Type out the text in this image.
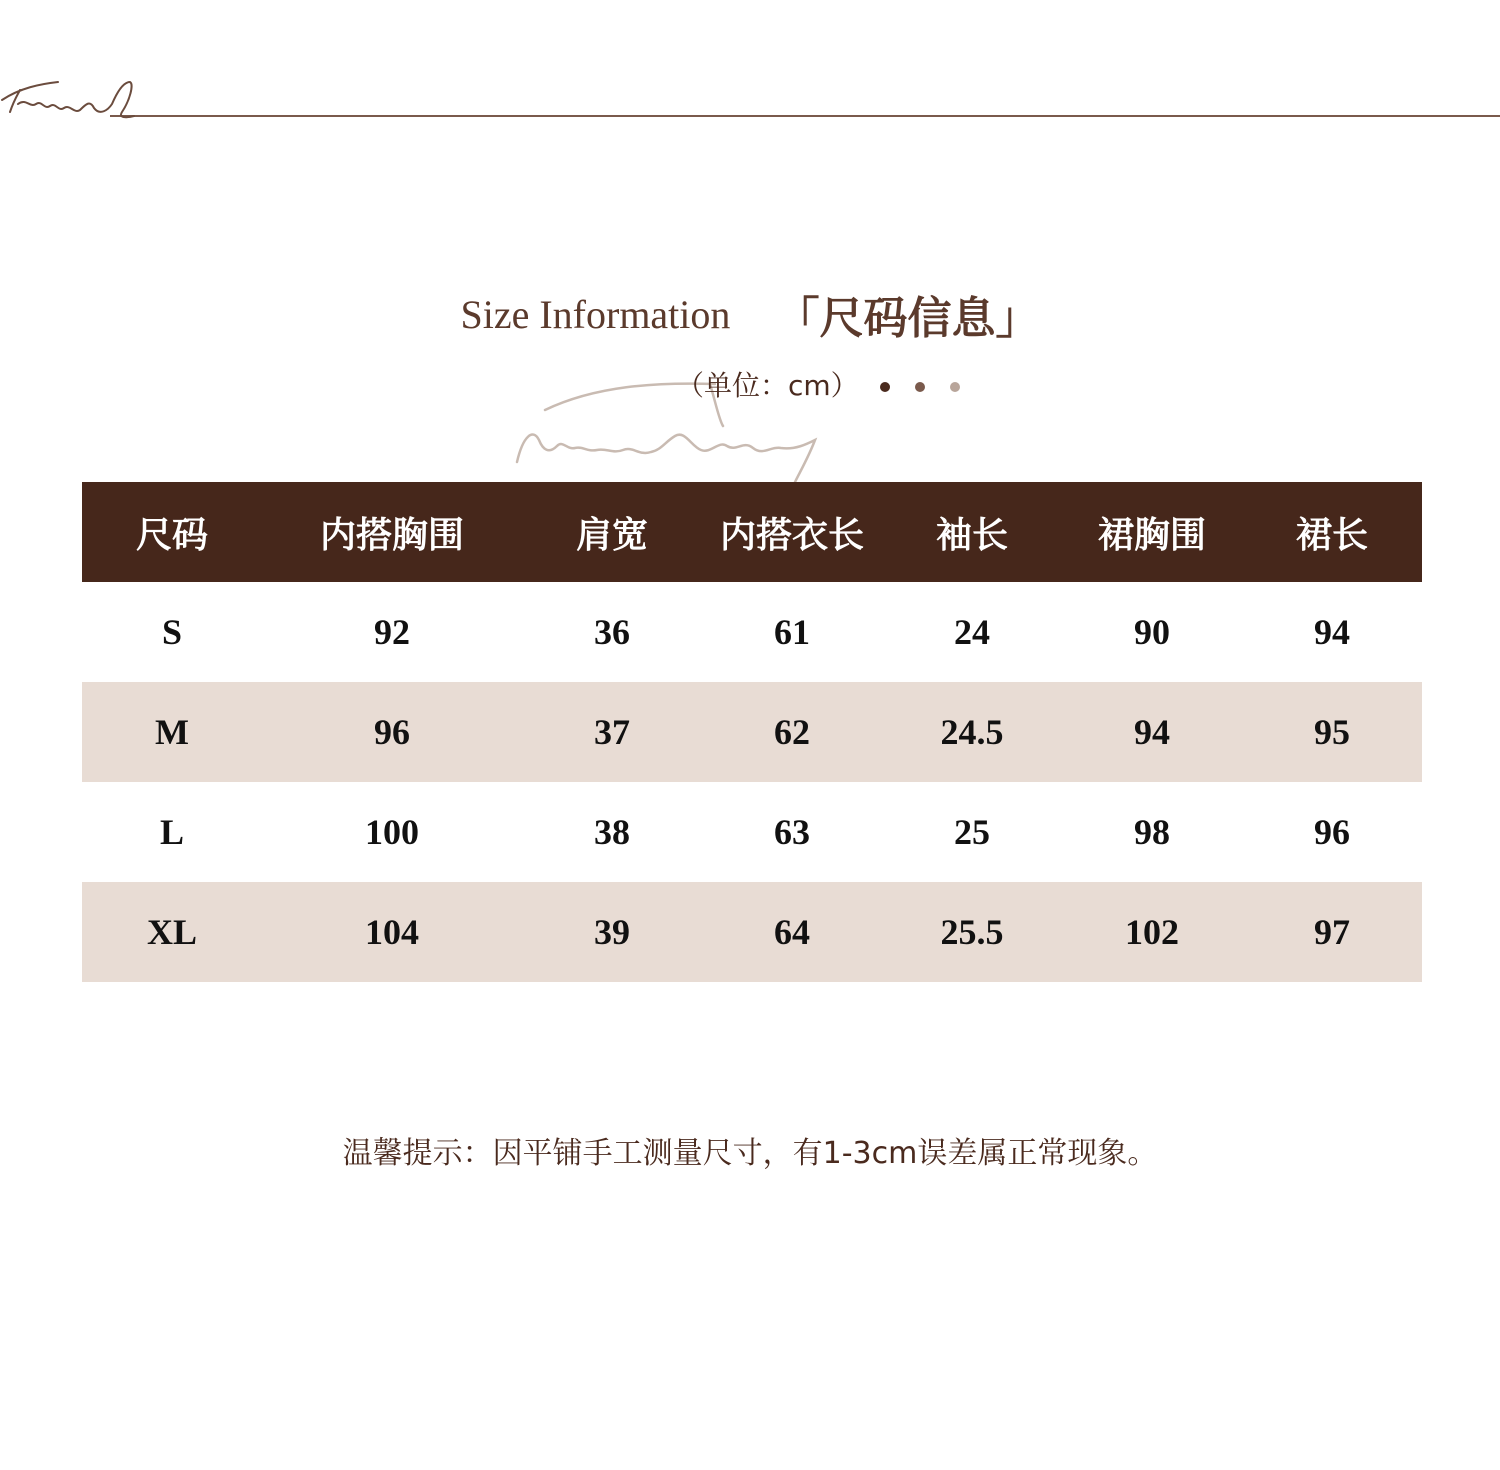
Size Information 「尺码信息」
（单位：cm）
尺码	内搭胸围	肩宽	内搭衣长	袖长	裙胸围	裙长
S	92	36	61	24	90	94
M	96	37	62	24.5	94	95
L	100	38	63	25	98	96
XL	104	39	64	25.5	102	97
温馨提示：因平铺手工测量尺寸，有1-3cm误差属正常现象。
